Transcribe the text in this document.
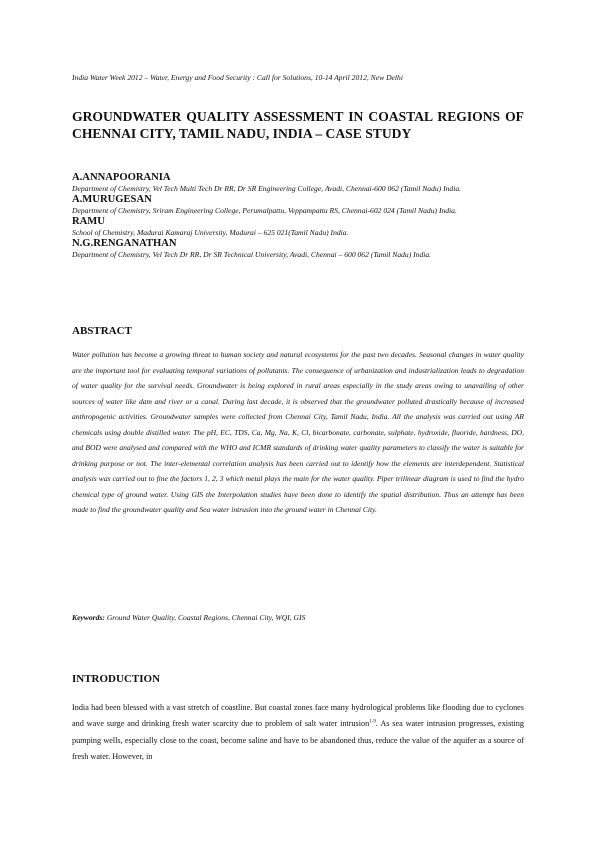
India Water Week 2012 – Water, Energy and Food Security : Call for Solutions, 10-14 April 2012, New Delhi
GROUNDWATER QUALITY ASSESSMENT IN COASTAL REGIONS OF CHENNAI CITY, TAMIL NADU, INDIA – CASE STUDY

A.ANNAPOORANIA

Department of Chemistry, Vel Tech Multi Tech Dr RR, Dr SR Engineering College, Avadi, Chennai-600 062 (Tamil Nadu) India.

A.MURUGESAN

Department of Chemistry, Sriram Engineering College, Perumalpattu, Veppampattu RS, Chennai-602 024 (Tamil Nadu) India.

RAMU

School of Chemistry, Madurai Kamaraj University, Madurai – 625 021(Tamil Nadu) India.

N.G.RENGANATHAN

Department of Chemistry, Vel Tech Dr RR, Dr SR Technical University, Avadi, Chennai – 600 062 (Tamil Nadu) India.

ABSTRACT

Water pollution has become a growing threat to human society and natural ecosystems for the past two decades. Seasonal changes in water quality are the important tool for evaluating temporal variations of pollutants. The consequence of urbanization and industrialization leads to degradation of water quality for the survival needs. Groundwater is being explored in rural areas especially in the study areas owing to unavailing of other sources of water like dam and river or a canal. During last decade, it is observed that the groundwater polluted drastically because of increased anthropogenic activities. Groundwater samples were collected from Chennai City, Tamil Nadu, India. All the analysis was carried out using AR chemicals using double distilled water. The pH, EC, TDS, Ca, Mg, Na, K, Cl, bicarbonate, carbonate, sulphate, hydroxide, fluoride, hardness, DO, and BOD were analysed and compared with the WHO and ICMR standards of drinking water quality parameters to classify the water is suitable for drinking purpose or not. The inter-elemental correlation analysis has been carried out to identify how the elements are interdependent. Statistical analysis was carried out to fine the factors 1, 2, 3 which metal plays the main for the water quality. Piper trilinear diagram is used to find the hydro chemical type of ground water. Using GIS the Interpolation studies have been done to identify the spatial distribution. Thus an attempt has been made to find the groundwater quality and Sea water intrusion into the ground water in Chennai City.

Keywords: Ground Water Quality, Coastal Regions, Chennai City, WQI, GIS

INTRODUCTION

India had been blessed with a vast stretch of coastline. But coastal zones face many hydrological problems like flooding due to cyclones and wave surge and drinking fresh water scarcity due to problem of salt water intrusion$^{1-9}$. As sea water intrusion progresses, existing pumping wells, especially close to the coast, become saline and have to be abandoned thus, reduce the value of the aquifer as a source of fresh water. However, in
